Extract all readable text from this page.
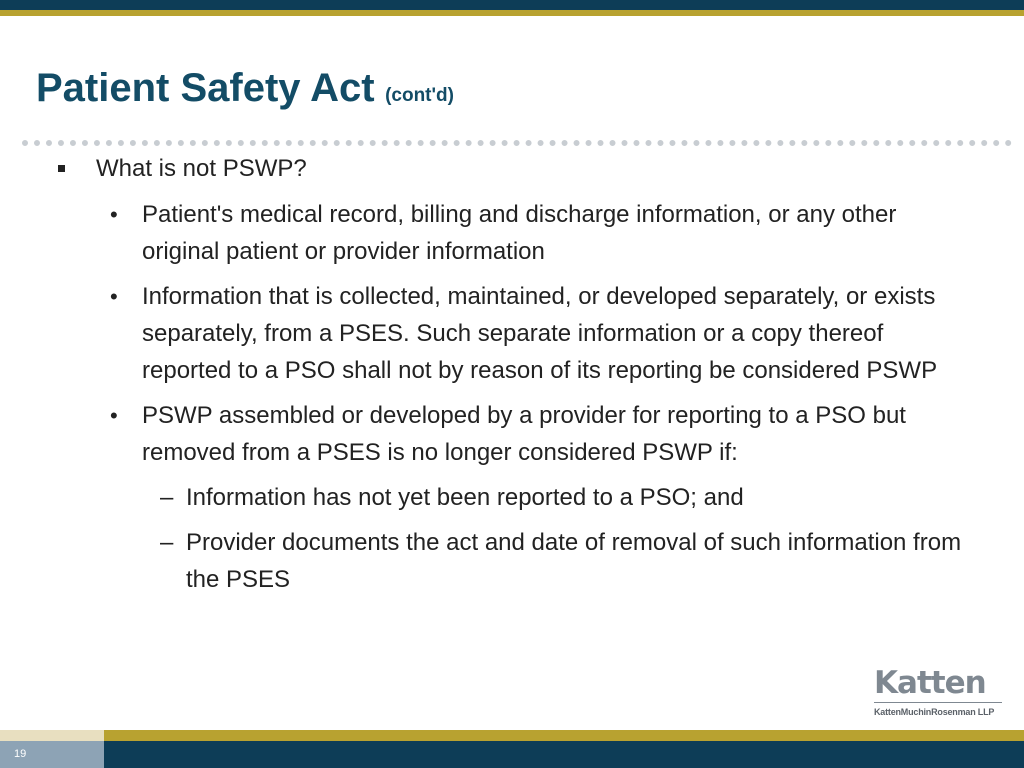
Patient Safety Act (cont'd)
What is not PSWP?
• Patient's medical record, billing and discharge information, or any other original patient or provider information
• Information that is collected, maintained, or developed separately, or exists separately, from a PSES. Such separate information or a copy thereof reported to a PSO shall not by reason of its reporting be considered PSWP
• PSWP assembled or developed by a provider for reporting to a PSO but removed from a PSES is no longer considered PSWP if:
– Information has not yet been reported to a PSO; and
– Provider documents the act and date of removal of such information from the PSES
Katten
KattenMuchinRosenman LLP
19
